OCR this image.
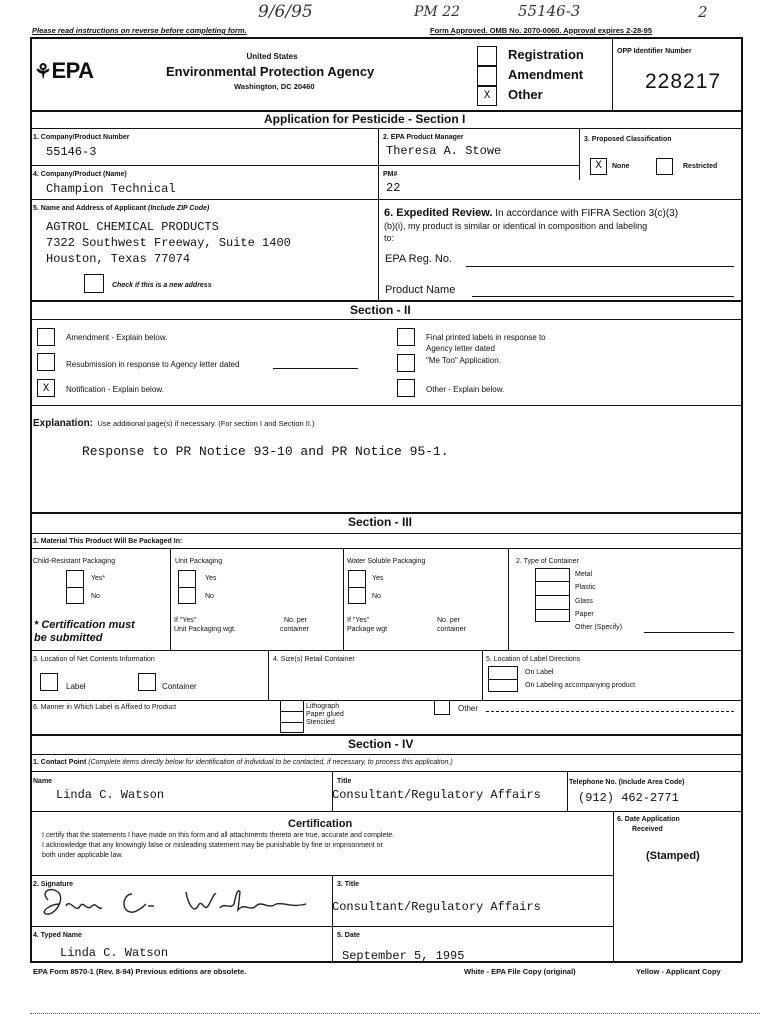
9/6/95	PM 22	55146-3	2
Please read instructions on reverse before completing form.	Form Approved. OMB No. 2070-0060. Approval expires 2-28-95
⚘EPA
United States
Environmental Protection Agency
Washington, DC 20460
X
Registration
Amendment
Other
OPP Identifier Number
228217
Application for Pesticide - Section I
1. Company/Product Number
55146-3
2. EPA Product Manager
Theresa A. Stowe
3. Proposed Classification
X	None	Restricted
4. Company/Product (Name)
Champion Technical
PM#
22
5. Name and Address of Applicant (Include ZIP Code)
AGTROL CHEMICAL PRODUCTS
7322 Southwest Freeway, Suite 1400
Houston, Texas 77074
Check if this is a new address
6. Expedited Review. In accordance with FIFRA Section 3(c)(3)
(b)(i), my product is similar or identical in composition and labeling
to:
EPA Reg. No.
Product Name
Section - II
Amendment - Explain below.
Resubmission in response to Agency letter dated
X	Notification - Explain below.
Final printed labels in response to
Agency letter dated
"Me Too" Application.
Other - Explain below.
Explanation: Use additional page(s) if necessary. (For section I and Section II.)
Response to PR Notice 93-10 and PR Notice 95-1.
Section - III
1. Material This Product Will Be Packaged In:
Child-Resistant Packaging
Yes*
No
* Certification must
be submitted
Unit Packaging
Yes
No
If "Yes"
Unit Packaging wgt.
No. per
container
Water Soluble Packaging
Yes
No
If "Yes"
Package wgt
No. per
container
2. Type of Container
Metal
Plastic
Glass
Paper
Other (Specify)
3. Location of Net Contents Information
Label	Container
4. Size(s) Retail Container	5. Location of Label Directions
On Label
On Labeling accompanying product
6. Manner in Which Label is Affixed to Product	Lithograph
Paper glued
Stenciled
Other
Section - IV
1. Contact Point (Complete items directly below for identification of individual to be contacted, if necessary, to process this application.)
Name
Linda C. Watson
Title
Consultant/Regulatory Affairs
Telephone No. (Include Area Code)
(912) 462-2771
Certification
I certify that the statements I have made on this form and all attachments thereto are true, accurate and complete.
I acknowledge that any knowingly false or misleading statement may be punishable by fine or imprisonment or
both under applicable law.
6. Date Application
Received
(Stamped)
2. Signature	3. Title
Consultant/Regulatory Affairs
4. Typed Name
Linda C. Watson
5. Date
September 5, 1995
EPA Form 8570-1 (Rev. 8-94) Previous editions are obsolete.	White - EPA File Copy (original)	Yellow - Applicant Copy
